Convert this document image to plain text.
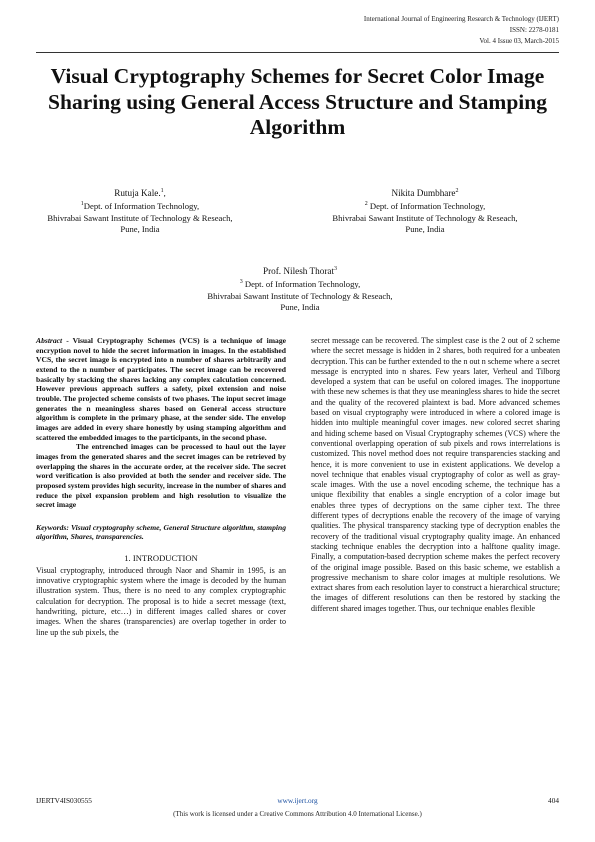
International Journal of Engineering Research & Technology (IJERT)
ISSN: 2278-0181
Vol. 4 Issue 03, March-2015
Visual Cryptography Schemes for Secret Color Image Sharing using General Access Structure and Stamping Algorithm
Rutuja Kale.$^1$,
$^1$Dept. of Information Technology,
Bhivrabai Sawant Institute of Technology & Reseach,
Pune, India
Nikita Dumbhare$^2$
$^2$ Dept. of Information Technology,
Bhivrabai Sawant Institute of Technology & Reseach,
Pune, India
Prof. Nilesh Thorat$^3$
$^3$ Dept. of Information Technology,
Bhivrabai Sawant Institute of Technology & Reseach,
Pune, India

Abstract - Visual Cryptography Schemes (VCS) is a technique of image encryption novel to hide the secret information in images. In the established VCS, the secret image is encrypted into n number of shares arbitrarily and extend to the n number of participates. The secret image can be recovered basically by stacking the shares lacking any complex calculation concerned. However previous approach suffers a safety, pixel extension and noise trouble. The projected scheme consists of two phases. The input secret image generates the n meaningless shares based on General access structure algorithm is complete in the primary phase, at the sender side. The envelop images are added in every share honestly by using stamping algorithm and scattered the embedded images to the participants, in the second phase.

The entrenched images can be processed to haul out the layer images from the generated shares and the secret images can be retrieved by overlapping the shares in the accurate order, at the receiver side. The secret word verification is also provided at both the sender and receiver side. The proposed system provides high security, increase in the number of shares and reduce the pixel expansion problem and high resolution to visualize the secret image

Keywords: Visual cryptography scheme, General Structure algorithm, stamping algorithm, Shares, transparencies.
1. INTRODUCTION
Visual cryptography, introduced through Naor and Shamir in 1995, is an innovative cryptographic system where the image is decoded by the human illustration system. Thus, there is no need to any complex cryptographic calculation for decryption. The proposal is to hide a secret message (text, handwriting, picture, etc…) in different images called shares or cover images. When the shares (transparencies) are overlap together in order to line up the sub pixels, the
secret message can be recovered. The simplest case is the 2 out of 2 scheme where the secret message is hidden in 2 shares, both required for a unbeaten decryption. This can be further extended to the n out n scheme where a secret message is encrypted into n shares. Few years later, Verheul and Tilborg developed a system that can be useful on colored images. The inopportune with these new schemes is that they use meaningless shares to hide the secret and the quality of the recovered plaintext is bad. More advanced schemes based on visual cryptography were introduced in where a colored image is hidden into multiple meaningful cover images. new colored secret sharing and hiding scheme based on Visual Cryptography schemes (VCS) where the conventional overlapping operation of sub pixels and rows interrelations is customized. This novel method does not require transparencies stacking and hence, it is more convenient to use in existent applications. We develop a novel technique that enables visual cryptography of color as well as gray-scale images. With the use a novel encoding scheme, the technique has a unique flexibility that enables a single encryption of a color image but enables three types of decryptions on the same cipher text. The three different types of decryptions enable the recovery of the image of varying qualities. The physical transparency stacking type of decryption enables the recovery of the traditional visual cryptography quality image. An enhanced stacking technique enables the decryption into a halftone quality image. Finally, a computation-based decryption scheme makes the perfect recovery of the original image possible. Based on this basic scheme, we establish a progressive mechanism to share color images at multiple resolutions. We extract shares from each resolution layer to construct a hierarchical structure; the images of different resolutions can then be restored by stacking the different shared images together. Thus, our technique enables flexible
IJERTV4IS030555	www.ijert.org	404
(This work is licensed under a Creative Commons Attribution 4.0 International License.)
